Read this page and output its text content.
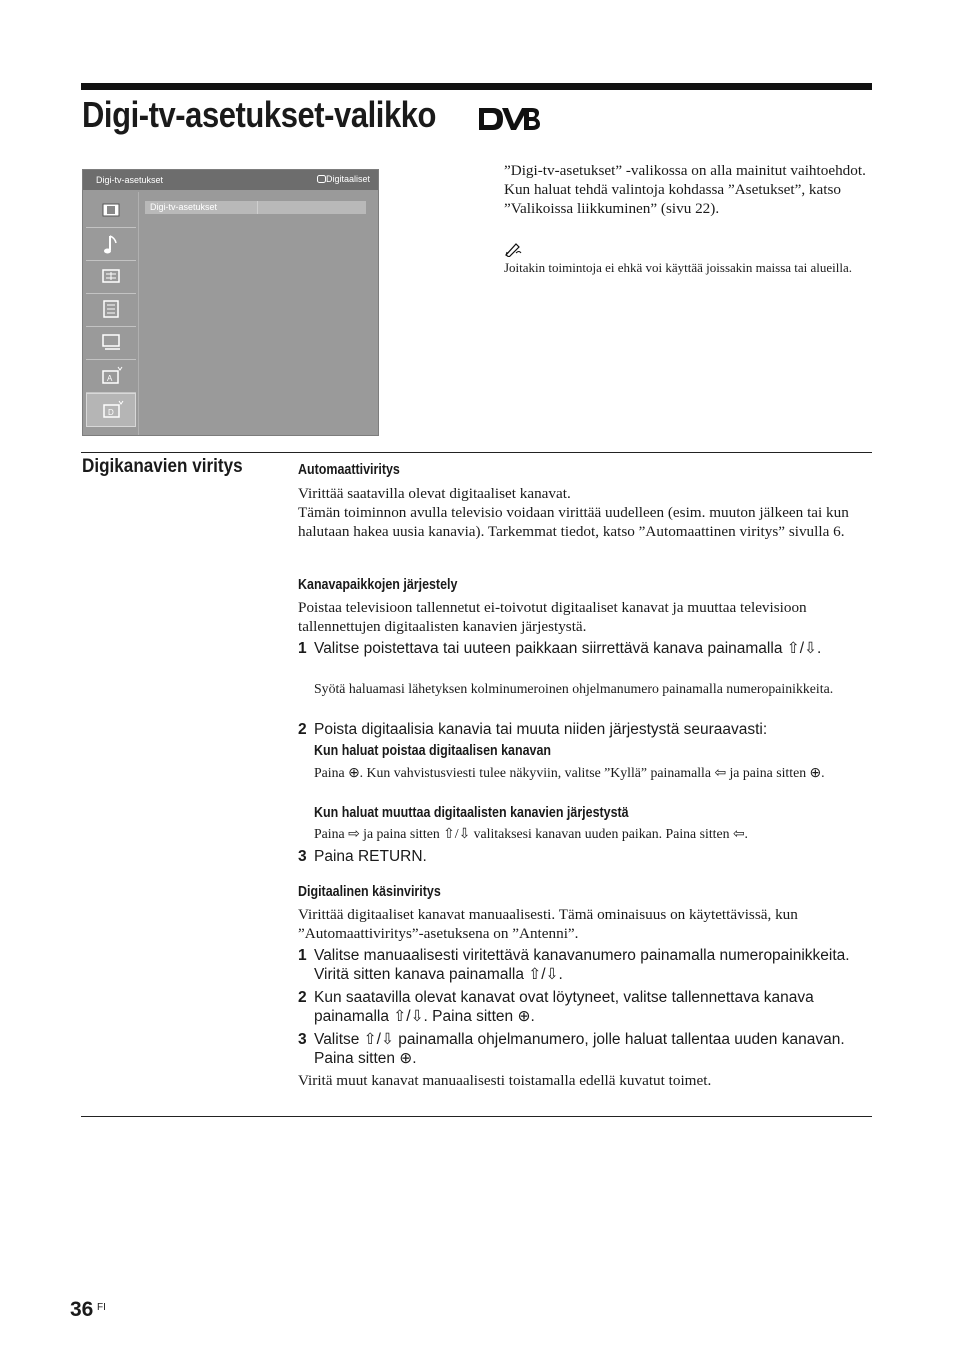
Digi-tv-asetukset-valikko
Digi-tv-asetukset	Digitaaliset
A
D
Digi-tv-asetukset
”Digi-tv-asetukset” -valikossa on alla mainitut vaihtoehdot. Kun haluat tehdä valintoja kohdassa ”Asetukset”, katso ”Valikoissa liikkuminen” (sivu 22).
Joitakin toimintoja ei ehkä voi käyttää joissakin maissa tai alueilla.
Digikanavien viritys	Automaattiviritys
Virittää saatavilla olevat digitaaliset kanavat.
Tämän toiminnon avulla televisio voidaan virittää uudelleen (esim. muuton jälkeen tai kun halutaan hakea uusia kanavia). Tarkemmat tiedot, katso ”Automaattinen viritys” sivulla 6.
Kanavapaikkojen järjestely
Poistaa televisioon tallennetut ei-toivotut digitaaliset kanavat ja muuttaa televisioon tallennettujen digitaalisten kanavien järjestystä.
1 Valitse poistettava tai uuteen paikkaan siirrettävä kanava painamalla ⇧/⇩.
Syötä haluamasi lähetyksen kolminumeroinen ohjelmanumero painamalla numeropainikkeita.
2 Poista digitaalisia kanavia tai muuta niiden järjestystä seuraavasti:
Kun haluat poistaa digitaalisen kanavan
Paina ⊕. Kun vahvistusviesti tulee näkyviin, valitse ”Kyllä” painamalla ⇦ ja paina sitten ⊕.
Kun haluat muuttaa digitaalisten kanavien järjestystä
Paina ⇨ ja paina sitten ⇧/⇩ valitaksesi kanavan uuden paikan. Paina sitten ⇦.
3 Paina RETURN.
Digitaalinen käsinviritys
Virittää digitaaliset kanavat manuaalisesti. Tämä ominaisuus on käytettävissä, kun ”Automaattiviritys”-asetuksena on ”Antenni”.
1 Valitse manuaalisesti viritettävä kanavanumero painamalla numeropainikkeita. Viritä sitten kanava painamalla ⇧/⇩.
2 Kun saatavilla olevat kanavat ovat löytyneet, valitse tallennettava kanava painamalla ⇧/⇩. Paina sitten ⊕.
3 Valitse ⇧/⇩ painamalla ohjelmanumero, jolle haluat tallentaa uuden kanavan. Paina sitten ⊕.
Viritä muut kanavat manuaalisesti toistamalla edellä kuvatut toimet.
36 FI
